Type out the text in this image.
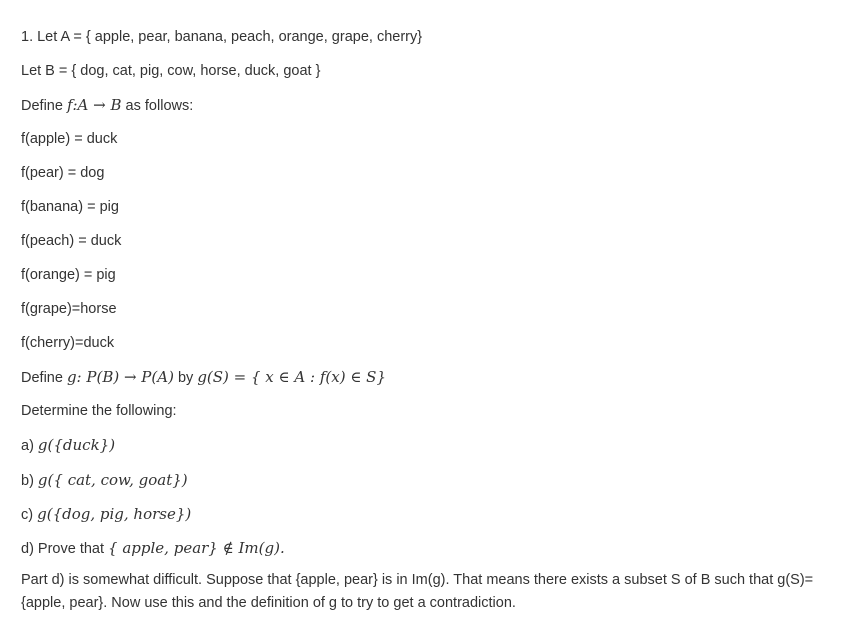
1. Let A = { apple, pear, banana, peach, orange, grape, cherry}
Let B = { dog, cat, pig, cow, horse, duck, goat }
Define f:A → B as follows:
f(apple) = duck
f(pear) = dog
f(banana) = pig
f(peach) = duck
f(orange) = pig
f(grape)=horse
f(cherry)=duck
Define g: P(B) → P(A) by g(S) = { x ∈ A : f(x) ∈ S}
Determine the following:
a) g({duck})
b) g({ cat, cow, goat})
c) g({dog, pig, horse})
d) Prove that { apple, pear} ∉ Im(g).
Part d) is somewhat difficult. Suppose that {apple, pear} is in Im(g). That means there exists a subset S of B such that g(S)= {apple, pear}. Now use this and the definition of g to try to get a contradiction.
